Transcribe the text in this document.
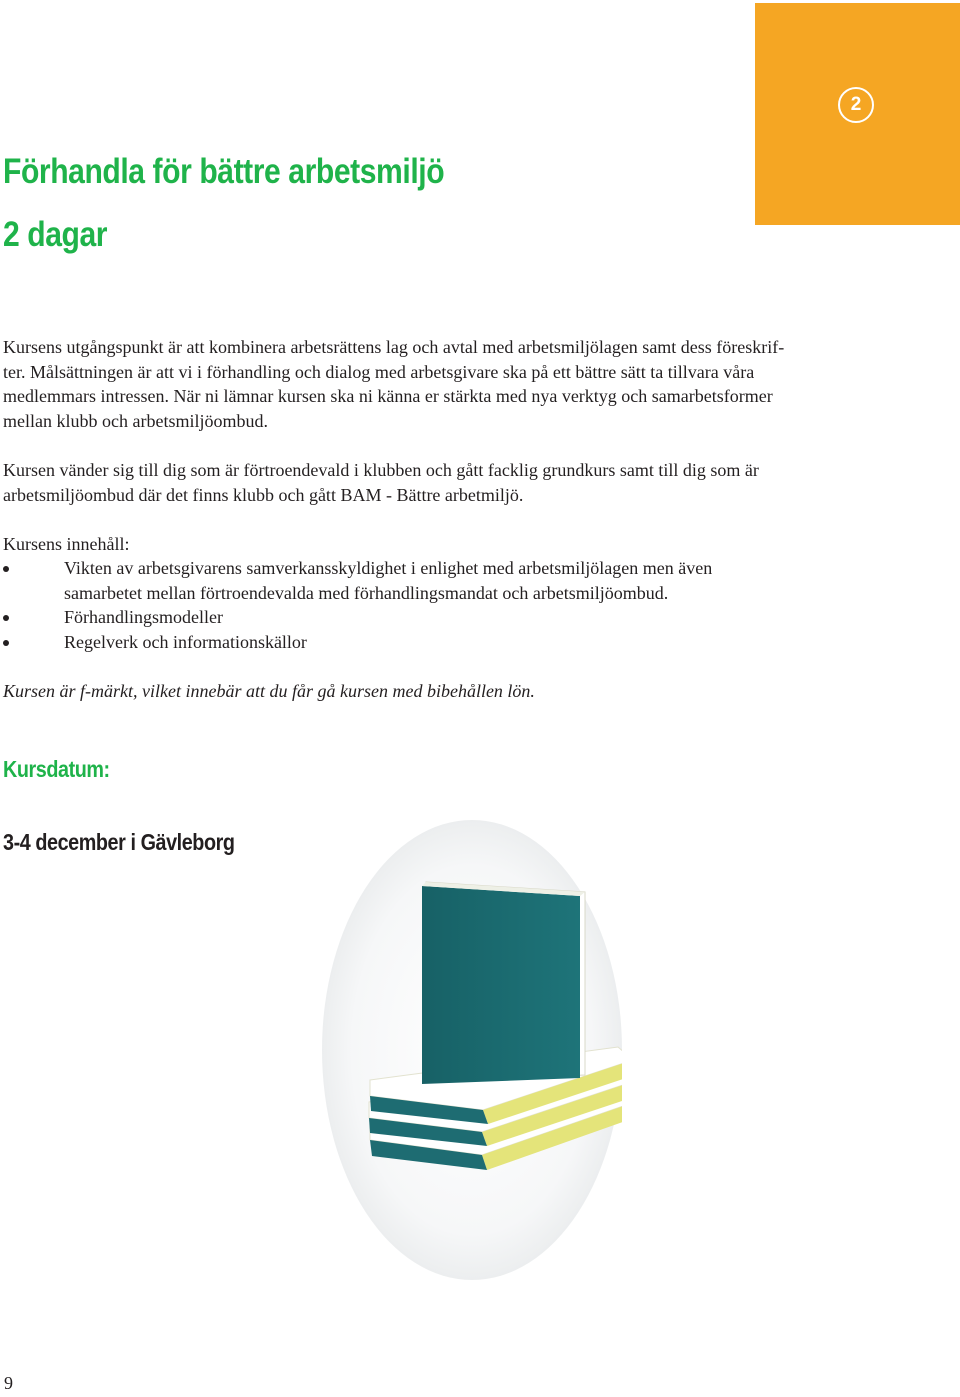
2
Förhandla för bättre arbetsmiljö
2 dagar

Kursens utgångspunkt är att kombinera arbetsrättens lag och avtal med arbetsmiljölagen samt dess föreskrif-
ter. Målsättningen är att vi i förhandling och dialog med arbetsgivare ska på ett bättre sätt ta tillvara våra
medlemmars intressen. När ni lämnar kursen ska ni känna er stärkta med nya verktyg och samarbetsformer
mellan klubb och arbetsmiljöombud.

Kursen vänder sig till dig som är förtroendevald i klubben och gått facklig grundkurs samt till dig som är
arbetsmiljöombud där det finns klubb och gått BAM - Bättre arbetmiljö.

Kursens innehåll:

Vikten av arbetsgivarens samverkansskyldighet i enlighet med arbetsmiljölagen men även
samarbetet mellan förtroendevalda med förhandlingsmandat och arbetsmiljöombud.
Förhandlingsmodeller
Regelverk och informationskällor

Kursen är f-märkt, vilket innebär att du får gå kursen med bibehållen lön.

Kursdatum:
3-4 december i Gävleborg
9
